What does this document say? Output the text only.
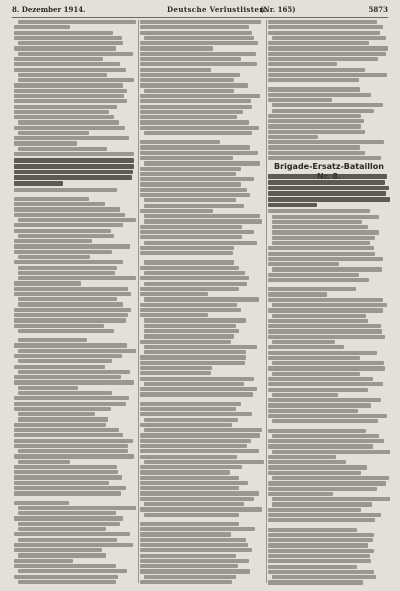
8. Dezember 1914.	Deutsche Verlustlisten.
(Nr. 165)	5873
Brigade-Ersatz-Bataillon
